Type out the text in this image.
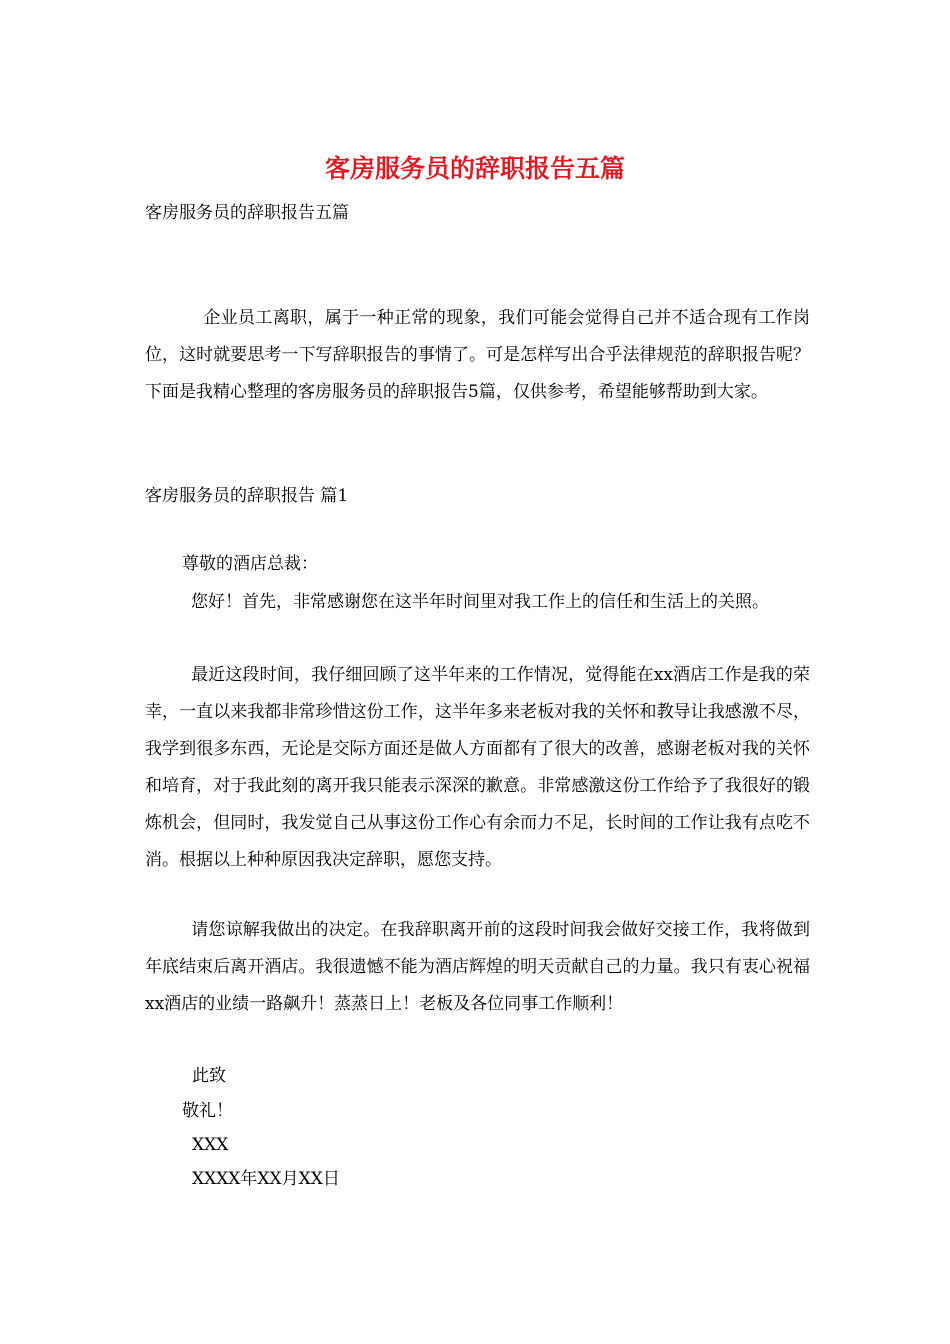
客房服务员的辞职报告五篇

客房服务员的辞职报告五篇

企业员工离职，属于一种正常的现象，我们可能会觉得自己并不适合现有工作岗位，这时就要思考一下写辞职报告的事情了。可是怎样写出合乎法律规范的辞职报告呢？下面是我精心整理的客房服务员的辞职报告5篇，仅供参考，希望能够帮助到大家。

客房服务员的辞职报告 篇1

尊敬的酒店总裁：

您好！首先，非常感谢您在这半年时间里对我工作上的信任和生活上的关照。

最近这段时间，我仔细回顾了这半年来的工作情况，觉得能在xx酒店工作是我的荣幸，一直以来我都非常珍惜这份工作，这半年多来老板对我的关怀和教导让我感激不尽，我学到很多东西，无论是交际方面还是做人方面都有了很大的改善，感谢老板对我的关怀和培育，对于我此刻的离开我只能表示深深的歉意。非常感激这份工作给予了我很好的锻炼机会，但同时，我发觉自己从事这份工作心有余而力不足，长时间的工作让我有点吃不消。根据以上种种原因我决定辞职，愿您支持。

请您谅解我做出的决定。在我辞职离开前的这段时间我会做好交接工作，我将做到年底结束后离开酒店。我很遗憾不能为酒店辉煌的明天贡献自己的力量。我只有衷心祝福xx酒店的业绩一路飙升！蒸蒸日上！老板及各位同事工作顺利！

此致

敬礼！

XXX

XXXX年XX月XX日
